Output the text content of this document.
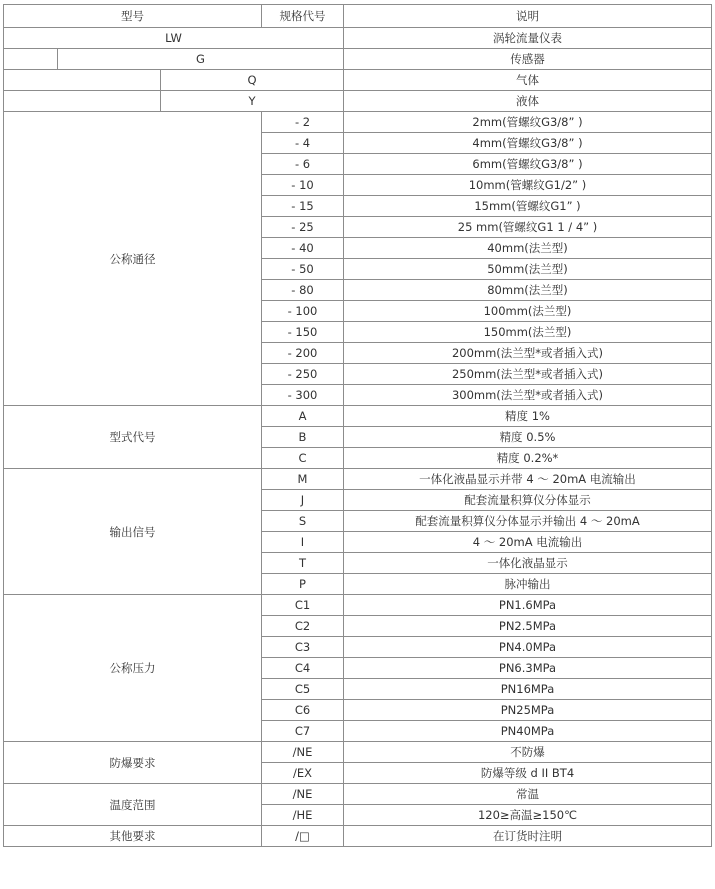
型号			规格代号	说明
LW				涡轮流量仪表
	G			传感器
		Q		气体
		Y		液体
公称通径			- 2	2mm(管螺纹G3/8” )
			- 4	4mm(管螺纹G3/8” )
			- 6	6mm(管螺纹G3/8” )
			- 10	10mm(管螺纹G1/2” )
			- 15	15mm(管螺纹G1” )
			- 25	25 mm(管螺纹G1 1 / 4” )
			- 40	40mm(法兰型)
			- 50	50mm(法兰型)
			- 80	80mm(法兰型)
			- 100	100mm(法兰型)
			- 150	150mm(法兰型)
			- 200	200mm(法兰型*或者插入式)
			- 250	250mm(法兰型*或者插入式)
			- 300	300mm(法兰型*或者插入式)
型式代号			A	精度 1%
			B	精度 0.5%
			C	精度 0.2%*
输出信号			M	一体化液晶显示并带 4 ～ 20mA 电流输出
			J	配套流量积算仪分体显示
			S	配套流量积算仪分体显示并输出 4 ～ 20mA
			I	4 ～ 20mA 电流输出
			T	一体化液晶显示
			P	脉冲输出
公称压力			C1	PN1.6MPa
			C2	PN2.5MPa
			C3	PN4.0MPa
			C4	PN6.3MPa
			C5	PN16MPa
			C6	PN25MPa
			C7	PN40MPa
防爆要求			/NE	不防爆
			/EX	防爆等级 d II BT4
温度范围			/NE	常温
			/HE	120≥高温≥150℃
其他要求			/□	在订货时注明
